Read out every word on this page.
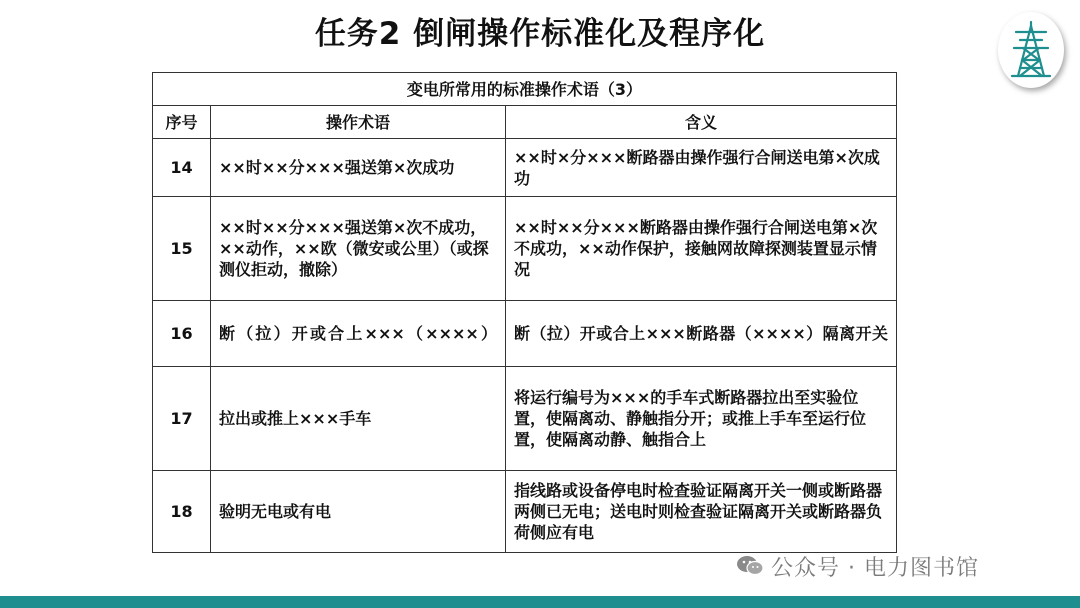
任务2 倒闸操作标准化及程序化
变电所常用的标准操作术语（3）		
序号	操作术语	含义
14	××时××分×××强送第×次成功	××时×分×××断路器由操作强行合闸送电第×次成功
15	××时××分×××强送第×次不成功，××动作，××欧（微安或公里）（或探测仪拒动，撤除）	××时××分×××断路器由操作强行合闸送电第×次不成功，××动作保护，接触网故障探测装置显示情况
16	断（拉）开或合上×××（××××）	断（拉）开或合上×××断路器（××××）隔离开关
17	拉出或推上×××手车	将运行编号为×××的手车式断路器拉出至实验位置，使隔离动、静触指分开；或推上手车至运行位置，使隔离动静、触指合上
18	验明无电或有电	指线路或设备停电时检查验证隔离开关一侧或断路器两侧已无电；送电时则检查验证隔离开关或断路器负荷侧应有电
公众号 · 电力图书馆
